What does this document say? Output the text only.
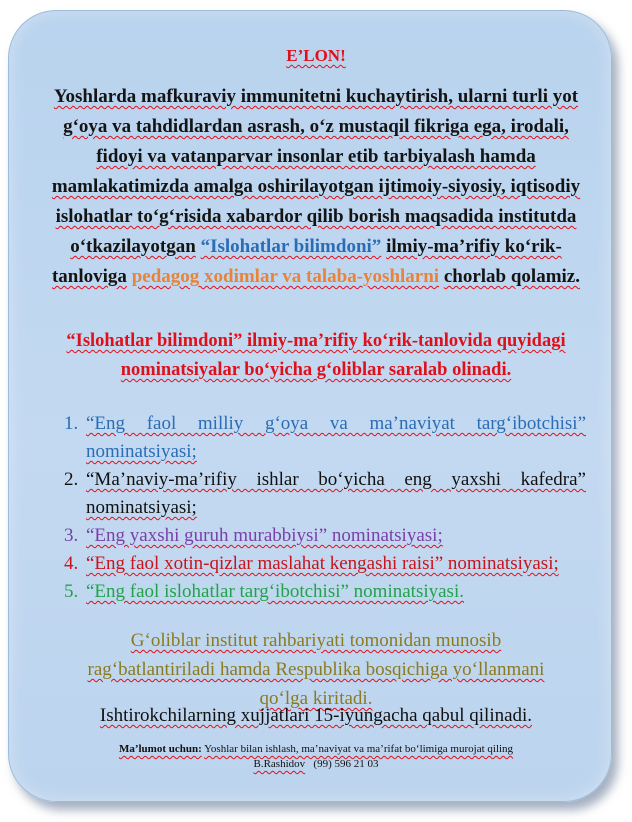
E’LON!

Yoshlarda mafkuraviy immunitetni kuchaytirish, ularni turli yot g‘oya va tahdidlardan asrash, o‘z mustaqil fikriga ega, irodali, fidoyi va vatanparvar insonlar etib tarbiyalash hamda mamlakatimizda amalga oshirilayotgan ijtimoiy-siyosiy, iqtisodiy islohatlar to‘g‘risida xabardor qilib borish maqsadida institutda o‘tkazilayotgan “Islohatlar bilimdoni” ilmiy-ma’rifiy ko‘rik-tanloviga pedagog xodimlar va talaba-yoshlarni chorlab qolamiz.

“Islohatlar bilimdoni” ilmiy-ma’rifiy ko‘rik-tanlovida quyidagi nominatsiyalar bo‘yicha g‘oliblar saralab olinadi.

1. “Eng faol milliy g‘oya va ma’naviyat targ‘ibotchisi” nominatsiyasi;
2. “Ma’naviy-ma’rifiy ishlar bo‘yicha eng yaxshi kafedra” nominatsiyasi;
3. “Eng yaxshi guruh murabbiysi” nominatsiyasi;
4. “Eng faol xotin-qizlar maslahat kengashi raisi” nominatsiyasi;
5. “Eng faol islohatlar targ‘ibotchisi” nominatsiyasi.
G‘oliblar institut rahbariyati tomonidan munosib rag‘batlantiriladi hamda Respublika bosqichiga yo‘llanmani qo‘lga kiritadi.
Ishtirokchilarning xujjatlari 15-iyungacha qabul qilinadi.
Ma’lumot uchun: Yoshlar bilan ishlash, ma’naviyat va ma’rifat bo‘limiga murojat qiling
B.Rashidov (99) 596 21 03
